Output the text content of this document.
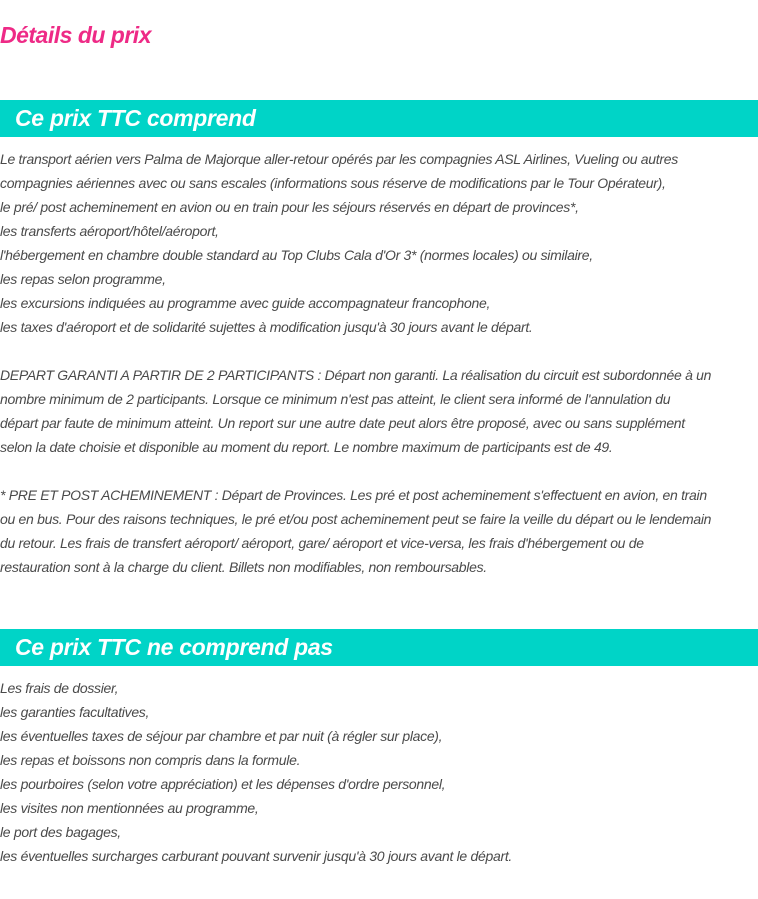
Détails du prix
Ce prix TTC comprend
Le transport aérien vers Palma de Majorque aller-retour opérés par les compagnies ASL Airlines, Vueling ou autres
compagnies aériennes avec ou sans escales (informations sous réserve de modifications par le Tour Opérateur),
le pré/ post acheminement en avion ou en train pour les séjours réservés en départ de provinces*,
les transferts aéroport/hôtel/aéroport,
l'hébergement en chambre double standard au Top Clubs Cala d'Or 3* (normes locales) ou similaire,
les repas selon programme,
les excursions indiquées au programme avec guide accompagnateur francophone,
les taxes d'aéroport et de solidarité sujettes à modification jusqu'à 30 jours avant le départ.
DEPART GARANTI A PARTIR DE 2 PARTICIPANTS : Départ non garanti. La réalisation du circuit est subordonnée à un
nombre minimum de 2 participants. Lorsque ce minimum n'est pas atteint, le client sera informé de l'annulation du
départ par faute de minimum atteint. Un report sur une autre date peut alors être proposé, avec ou sans supplément
selon la date choisie et disponible au moment du report. Le nombre maximum de participants est de 49.
* PRE ET POST ACHEMINEMENT : Départ de Provinces. Les pré et post acheminement s'effectuent en avion, en train
ou en bus. Pour des raisons techniques, le pré et/ou post acheminement peut se faire la veille du départ ou le lendemain
du retour. Les frais de transfert aéroport/ aéroport, gare/ aéroport et vice-versa, les frais d'hébergement ou de
restauration sont à la charge du client. Billets non modifiables, non remboursables.
Ce prix TTC ne comprend pas
Les frais de dossier,
les garanties facultatives,
les éventuelles taxes de séjour par chambre et par nuit (à régler sur place),
les repas et boissons non compris dans la formule.
les pourboires (selon votre appréciation) et les dépenses d'ordre personnel,
les visites non mentionnées au programme,
le port des bagages,
les éventuelles surcharges carburant pouvant survenir jusqu'à 30 jours avant le départ.
